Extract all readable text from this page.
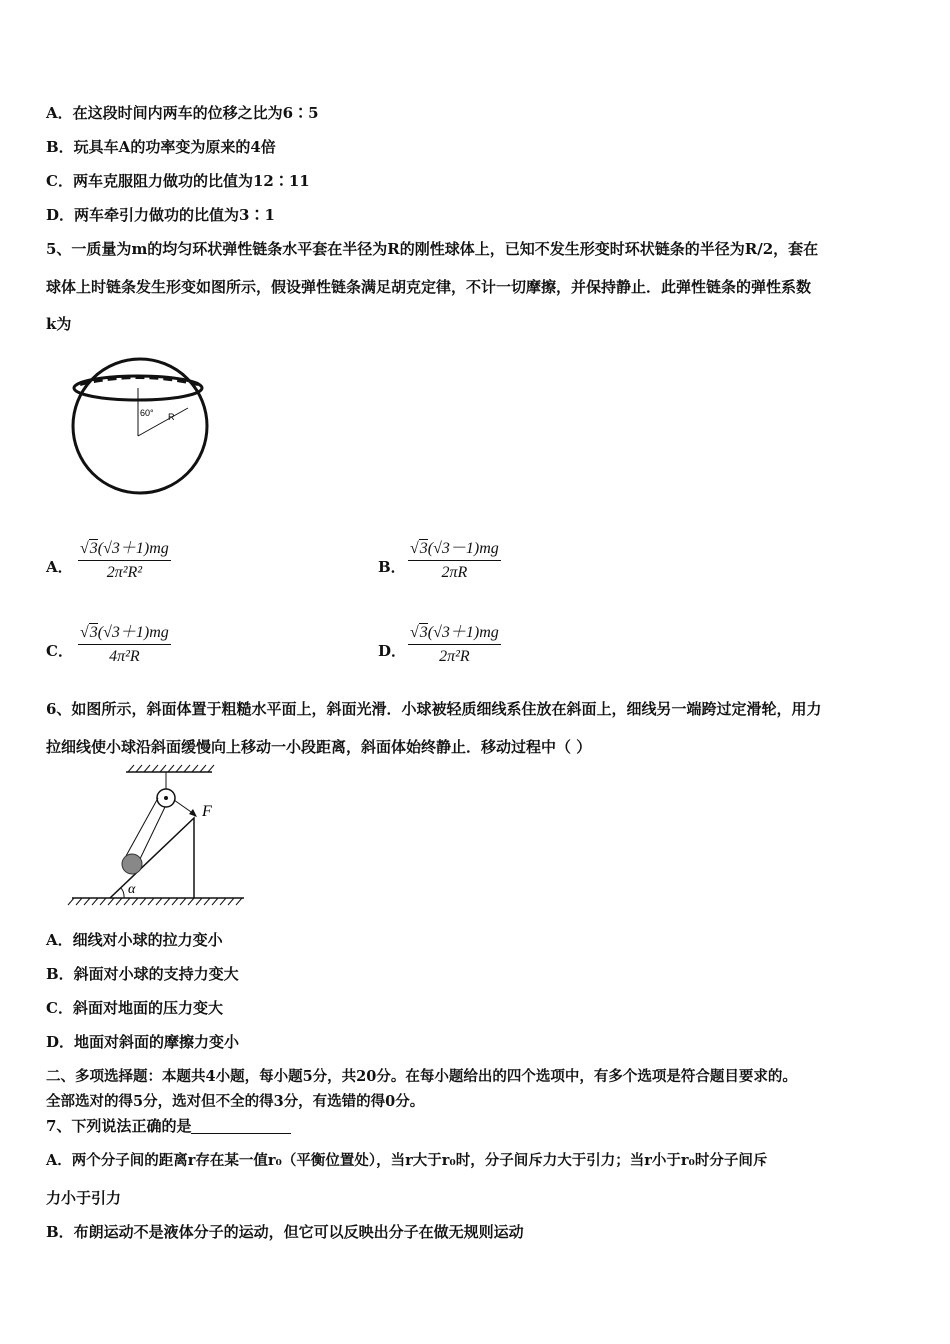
A．在这段时间内两车的位移之比为6∶5
B．玩具车A的功率变为原来的4倍
C．两车克服阻力做功的比值为12∶11
D．两车牵引力做功的比值为3∶1
5、一质量为m的均匀环状弹性链条水平套在半径为R的刚性球体上，已知不发生形变时环状链条的半径为R/2，套在
球体上时链条发生形变如图所示，假设弹性链条满足胡克定律，不计一切摩擦，并保持静止．此弹性链条的弹性系数
k为
60° R
A． $\frac{√3(√3+1)mg}{\text{2π²R²}}$	B． $\frac{√3(√3-1)mg}{2\pi R}$
C． $\frac{√3(√3+1)mg}{\text{4π²R}}$	D． $\frac{√3(√3+1)mg}{\text{2π²R}}$
6、如图所示，斜面体置于粗糙水平面上，斜面光滑．小球被轻质细线系住放在斜面上，细线另一端跨过定滑轮，用力
拉细线使小球沿斜面缓慢向上移动一小段距离，斜面体始终静止．移动过程中（ ）
F
α
A．细线对小球的拉力变小
B．斜面对小球的支持力变大
C．斜面对地面的压力变大
D．地面对斜面的摩擦力变小
二、多项选择题：本题共4小题，每小题5分，共20分。在每小题给出的四个选项中，有多个选项是符合题目要求的。
全部选对的得5分，选对但不全的得3分，有选错的得0分。
7、下列说法正确的是
A．两个分子间的距离r存在某一值r₀（平衡位置处），当r大于r₀时，分子间斥力大于引力；当r小于r₀时分子间斥
力小于引力
B．布朗运动不是液体分子的运动，但它可以反映出分子在做无规则运动
